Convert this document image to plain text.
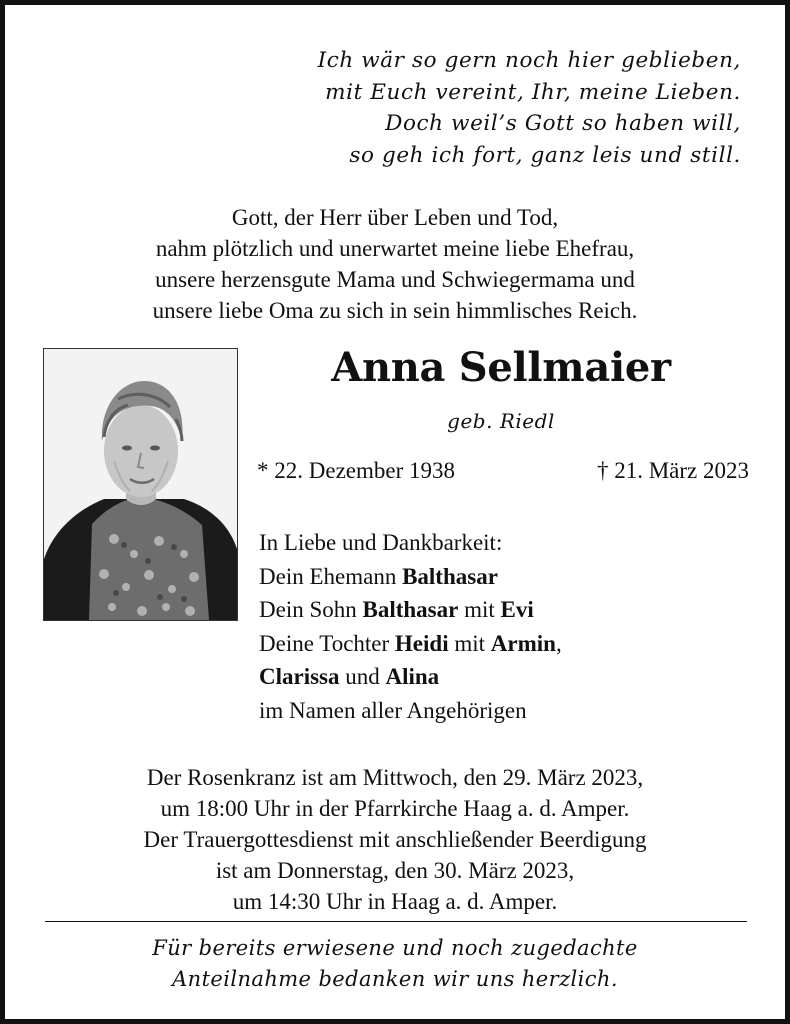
Ich wär so gern noch hier geblieben,
mit Euch vereint, Ihr, meine Lieben.
Doch weil’s Gott so haben will,
so geh ich fort, ganz leis und still.
Gott, der Herr über Leben und Tod,
nahm plötzlich und unerwartet meine liebe Ehefrau,
unsere herzensgute Mama und Schwiegermama und
unsere liebe Oma zu sich in sein himmlisches Reich.
Anna Sellmaier
geb. Riedl
* 22. Dezember 1938	† 21. März 2023
In Liebe und Dankbarkeit:
Dein Ehemann Balthasar
Dein Sohn Balthasar mit Evi
Deine Tochter Heidi mit Armin,
Clarissa und Alina
im Namen aller Angehörigen
Der Rosenkranz ist am Mittwoch, den 29. März 2023,
um 18:00 Uhr in der Pfarrkirche Haag a. d. Amper.
Der Trauergottesdienst mit anschließender Beerdigung
ist am Donnerstag, den 30. März 2023,
um 14:30 Uhr in Haag a. d. Amper.
Für bereits erwiesene und noch zugedachte
Anteilnahme bedanken wir uns herzlich.
